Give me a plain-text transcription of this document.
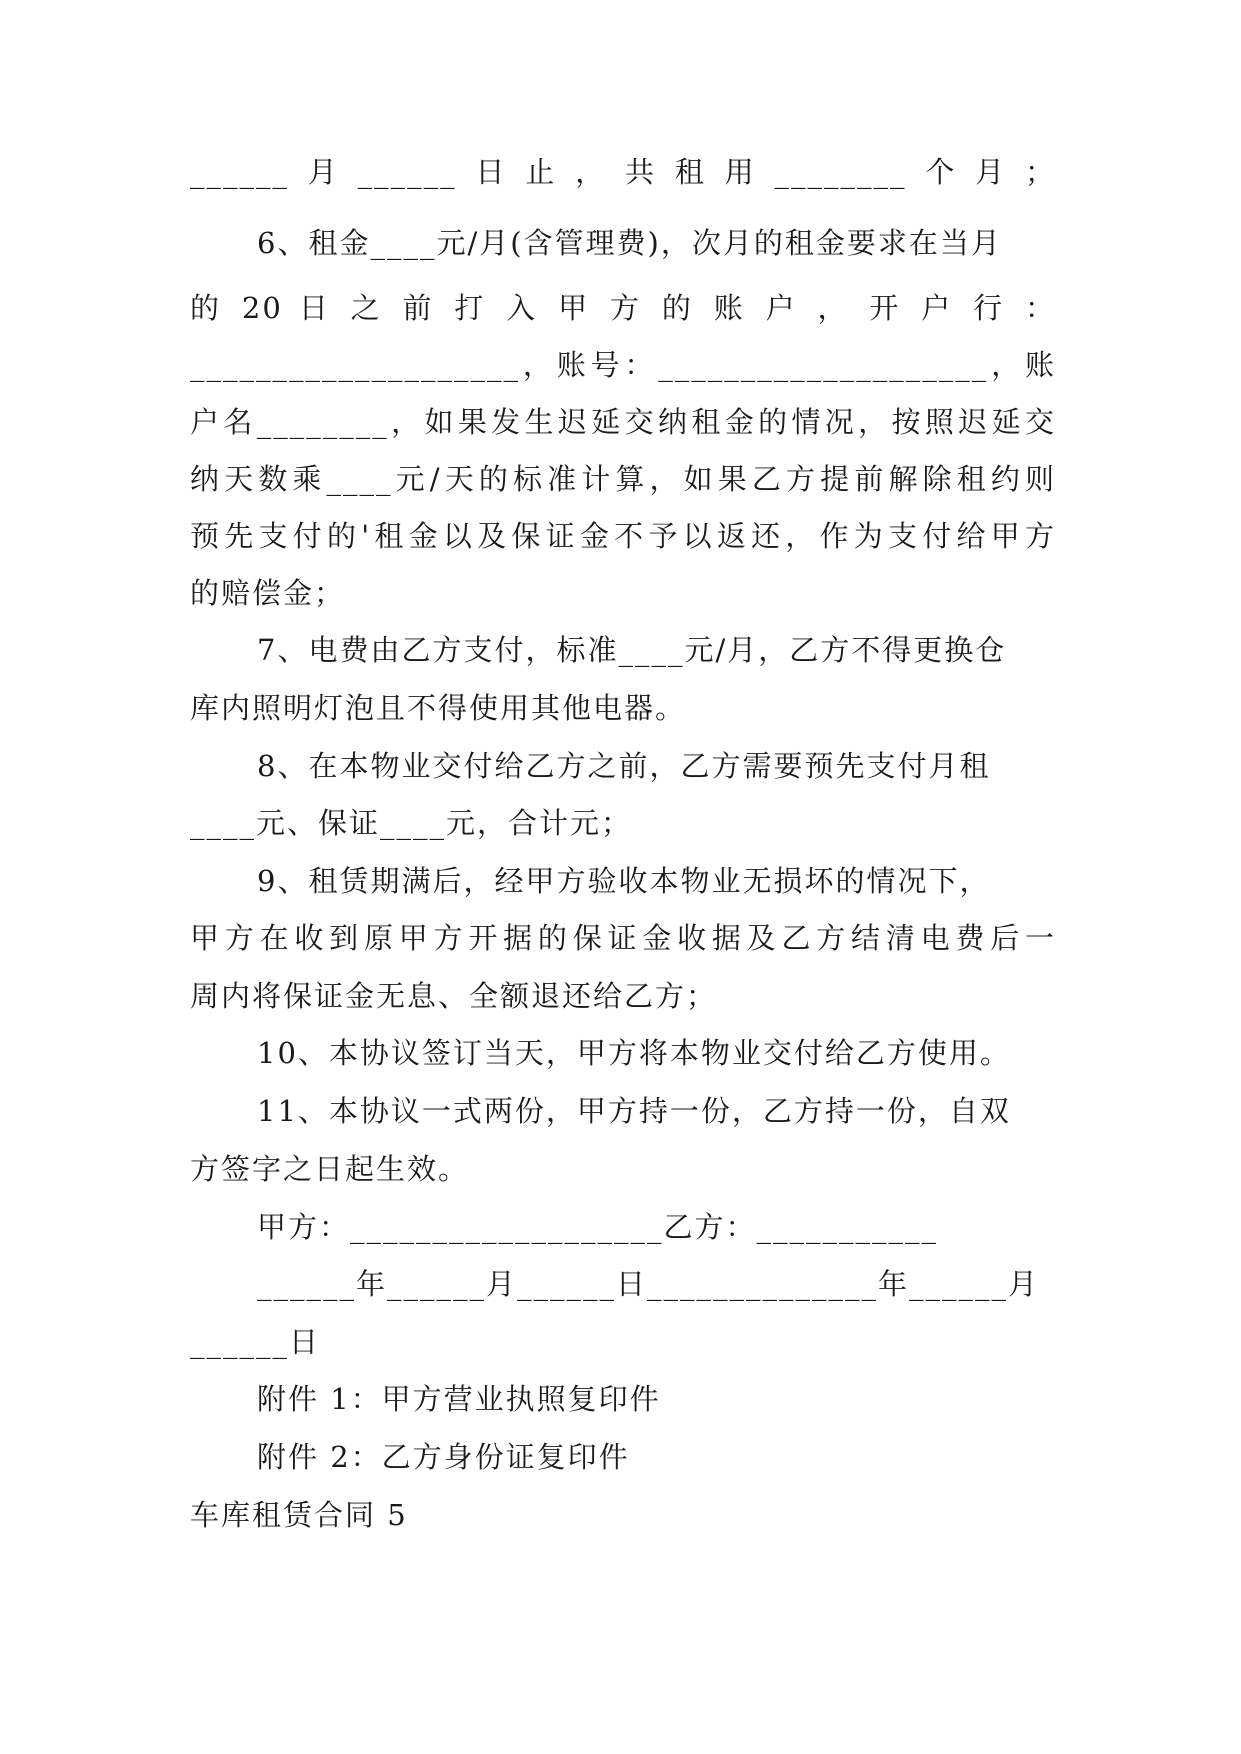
______月______日止，共租用________个月；
6、租金____元/月(含管理费)，次月的租金要求在当月
的 20 日 之 前 打 入 甲 方 的 账 户 ， 开 户 行 ：
____________________，账号：____________________，账
户名________，如果发生迟延交纳租金的情况，按照迟延交
纳天数乘____元/天的标准计算，如果乙方提前解除租约则
预先支付的'租金以及保证金不予以返还，作为支付给甲方
的赔偿金；
7、电费由乙方支付，标准____元/月，乙方不得更换仓
库内照明灯泡且不得使用其他电器。
8、在本物业交付给乙方之前，乙方需要预先支付月租
____元、保证____元，合计元；
9、租赁期满后，经甲方验收本物业无损坏的情况下，
甲方在收到原甲方开据的保证金收据及乙方结清电费后一
周内将保证金无息、全额退还给乙方；
10、本协议签订当天，甲方将本物业交付给乙方使用。
11、本协议一式两份，甲方持一份，乙方持一份，自双
方签字之日起生效。
甲方：___________________乙方：___________
______年______月______日______________年______月
______日
附件 1：甲方营业执照复印件
附件 2：乙方身份证复印件
车库租赁合同 5
